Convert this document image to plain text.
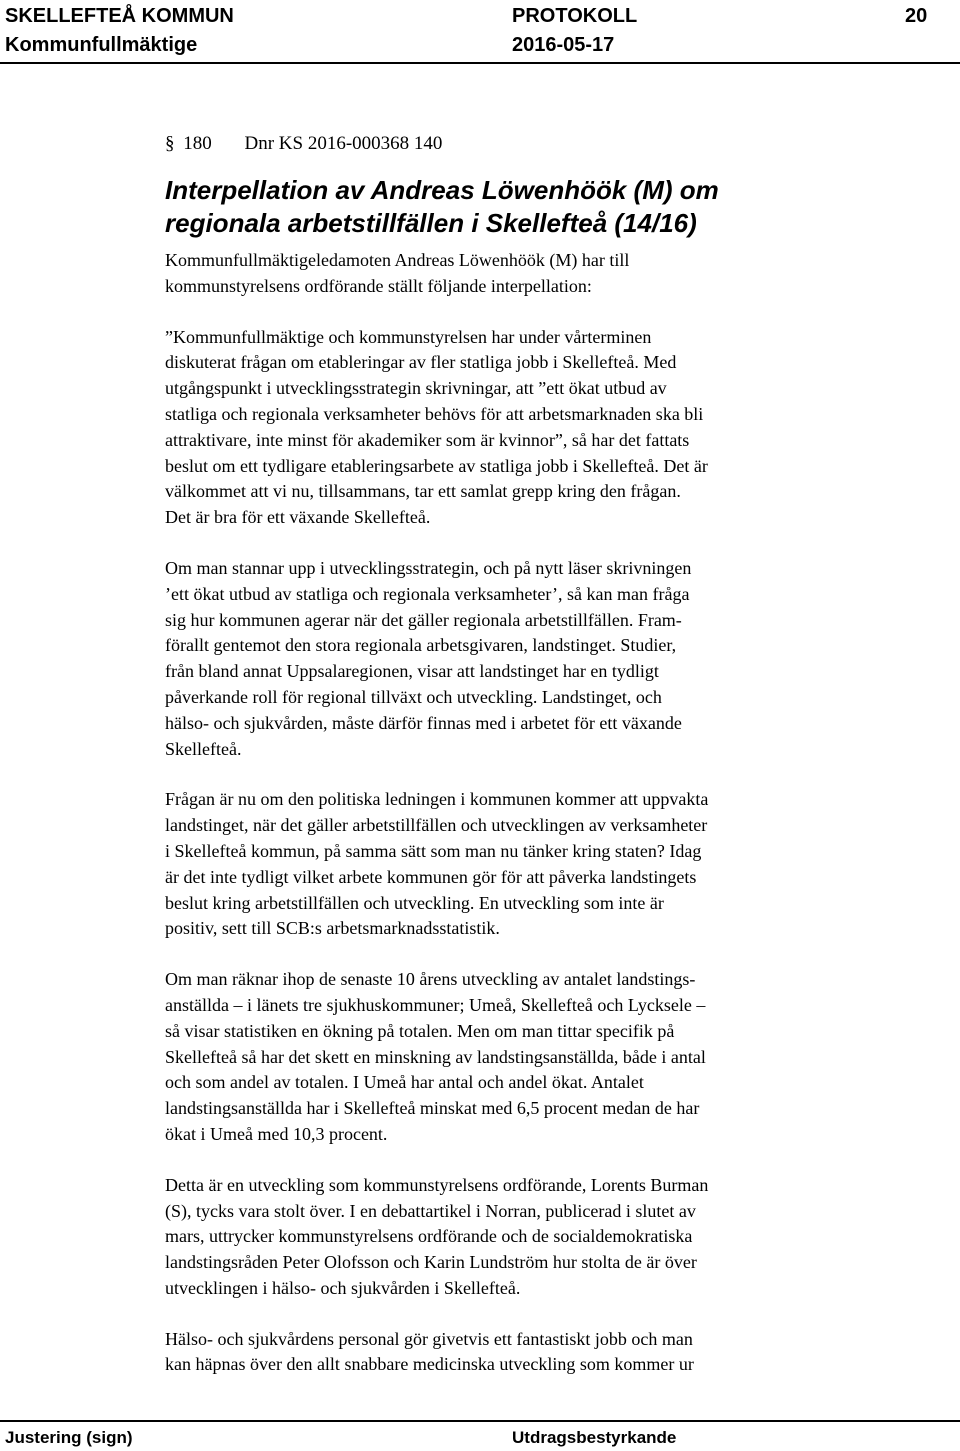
SKELLEFTEÅ KOMMUN	PROTOKOLL	20
Kommunfullmäktige	2016-05-17
§ 180 Dnr KS 2016-000368 140
Interpellation av Andreas Löwenhöök (M) om
regionala arbetstillfällen i Skellefteå (14/16)
Kommunfullmäktigeledamoten Andreas Löwenhöök (M) har till
kommunstyrelsens ordförande ställt följande interpellation:
”Kommunfullmäktige och kommunstyrelsen har under vårterminen
diskuterat frågan om etableringar av fler statliga jobb i Skellefteå. Med
utgångspunkt i utvecklingsstrategin skrivningar, att ”ett ökat utbud av
statliga och regionala verksamheter behövs för att arbetsmarknaden ska bli
attraktivare, inte minst för akademiker som är kvinnor”, så har det fattats
beslut om ett tydligare etableringsarbete av statliga jobb i Skellefteå. Det är
välkommet att vi nu, tillsammans, tar ett samlat grepp kring den frågan.
Det är bra för ett växande Skellefteå.
Om man stannar upp i utvecklingsstrategin, och på nytt läser skrivningen
’ett ökat utbud av statliga och regionala verksamheter’, så kan man fråga
sig hur kommunen agerar när det gäller regionala arbetstillfällen. Fram-
förallt gentemot den stora regionala arbetsgivaren, landstinget. Studier,
från bland annat Uppsalaregionen, visar att landstinget har en tydligt
påverkande roll för regional tillväxt och utveckling. Landstinget, och
hälso- och sjukvården, måste därför finnas med i arbetet för ett växande
Skellefteå.
Frågan är nu om den politiska ledningen i kommunen kommer att uppvakta
landstinget, när det gäller arbetstillfällen och utvecklingen av verksamheter
i Skellefteå kommun, på samma sätt som man nu tänker kring staten? Idag
är det inte tydligt vilket arbete kommunen gör för att påverka landstingets
beslut kring arbetstillfällen och utveckling. En utveckling som inte är
positiv, sett till SCB:s arbetsmarknadsstatistik.
Om man räknar ihop de senaste 10 årens utveckling av antalet landstings-
anställda – i länets tre sjukhuskommuner; Umeå, Skellefteå och Lycksele –
så visar statistiken en ökning på totalen. Men om man tittar specifik på
Skellefteå så har det skett en minskning av landstingsanställda, både i antal
och som andel av totalen. I Umeå har antal och andel ökat. Antalet
landstingsanställda har i Skellefteå minskat med 6,5 procent medan de har
ökat i Umeå med 10,3 procent.
Detta är en utveckling som kommunstyrelsens ordförande, Lorents Burman
(S), tycks vara stolt över. I en debattartikel i Norran, publicerad i slutet av
mars, uttrycker kommunstyrelsens ordförande och de socialdemokratiska
landstingsråden Peter Olofsson och Karin Lundström hur stolta de är över
utvecklingen i hälso- och sjukvården i Skellefteå.
Hälso- och sjukvårdens personal gör givetvis ett fantastiskt jobb och man
kan häpnas över den allt snabbare medicinska utveckling som kommer ur
Justering (sign)	Utdragsbestyrkande
